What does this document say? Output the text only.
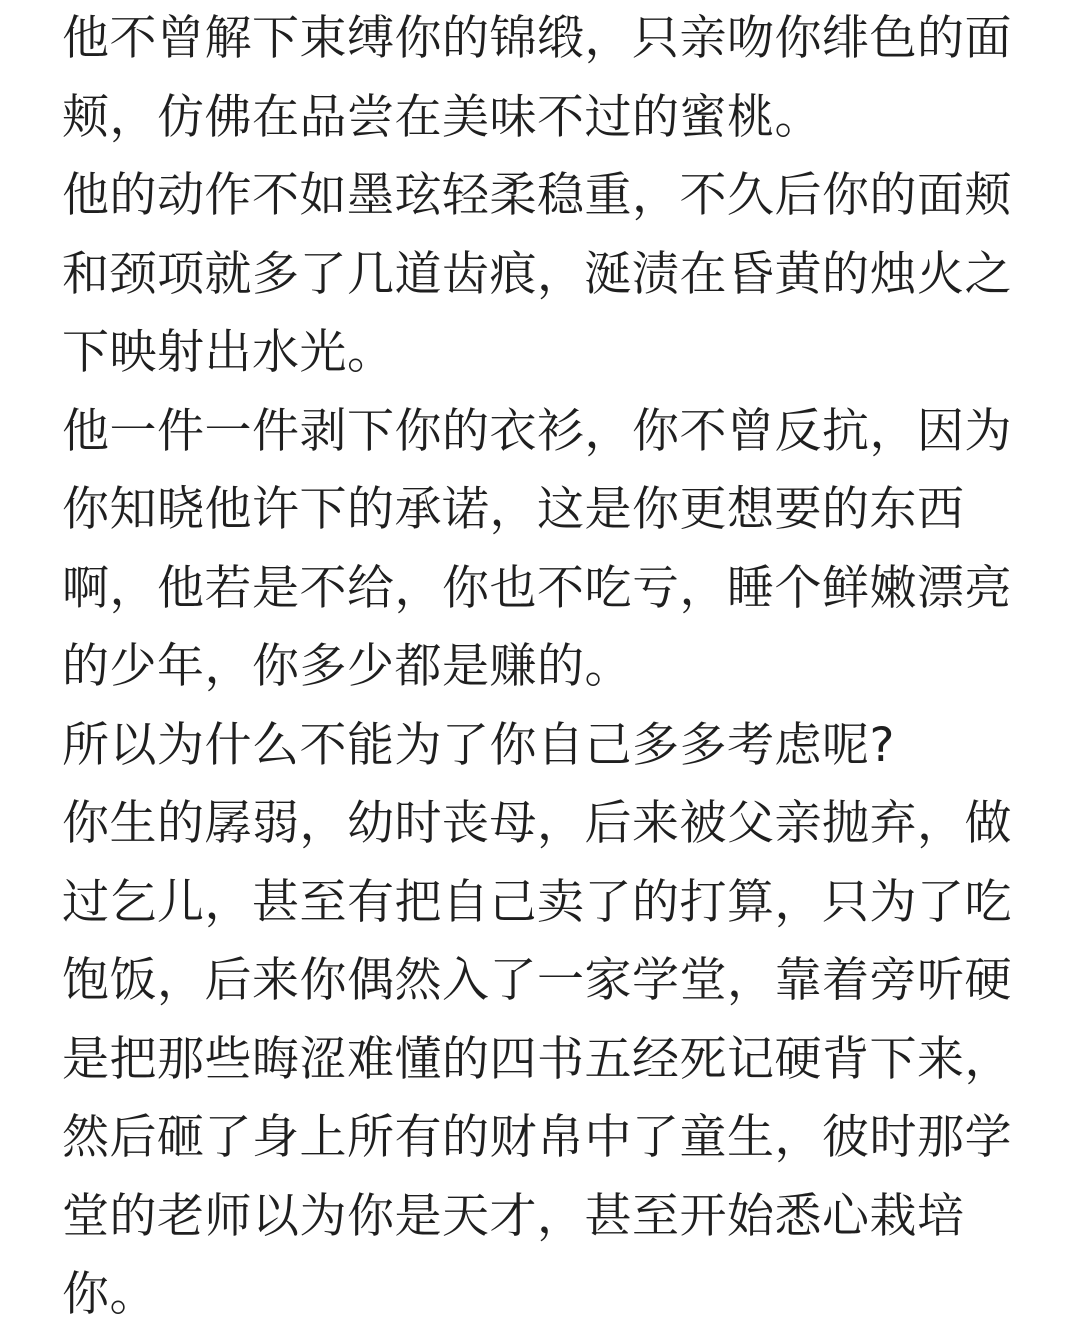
他不曾解下束缚你的锦缎，只亲吻你绯色的面
颊，仿佛在品尝在美味不过的蜜桃。
他的动作不如墨玹轻柔稳重，不久后你的面颊
和颈项就多了几道齿痕，涎渍在昏黄的烛火之
下映射出水光。
他一件一件剥下你的衣衫，你不曾反抗，因为
你知晓他许下的承诺，这是你更想要的东西
啊，他若是不给，你也不吃亏，睡个鲜嫩漂亮
的少年，你多少都是赚的。
所以为什么不能为了你自己多多考虑呢?
你生的孱弱，幼时丧母，后来被父亲抛弃，做
过乞儿，甚至有把自己卖了的打算，只为了吃
饱饭，后来你偶然入了一家学堂，靠着旁听硬
是把那些晦涩难懂的四书五经死记硬背下来，
然后砸了身上所有的财帛中了童生，彼时那学
堂的老师以为你是天才，甚至开始悉心栽培
你。
